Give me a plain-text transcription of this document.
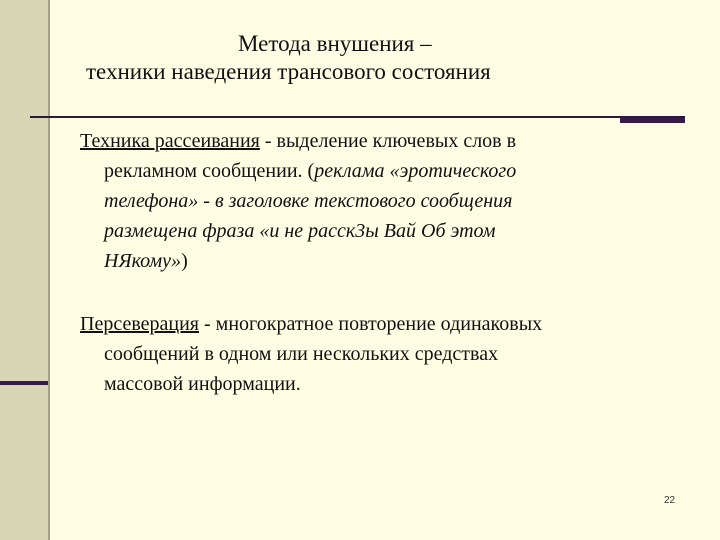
Метода внушения –
техники наведения трансового состояния
Техника рассеивания - выделение ключевых слов в
рекламном сообщении. (реклама «эротического
телефона» - в заголовке текстового сообщения
размещена фраза «и не расск3ы Вай Об этом
НЯкому»)
Персеверация - многократное повторение одинаковых
сообщений в одном или нескольких средствах
массовой информации.
22
